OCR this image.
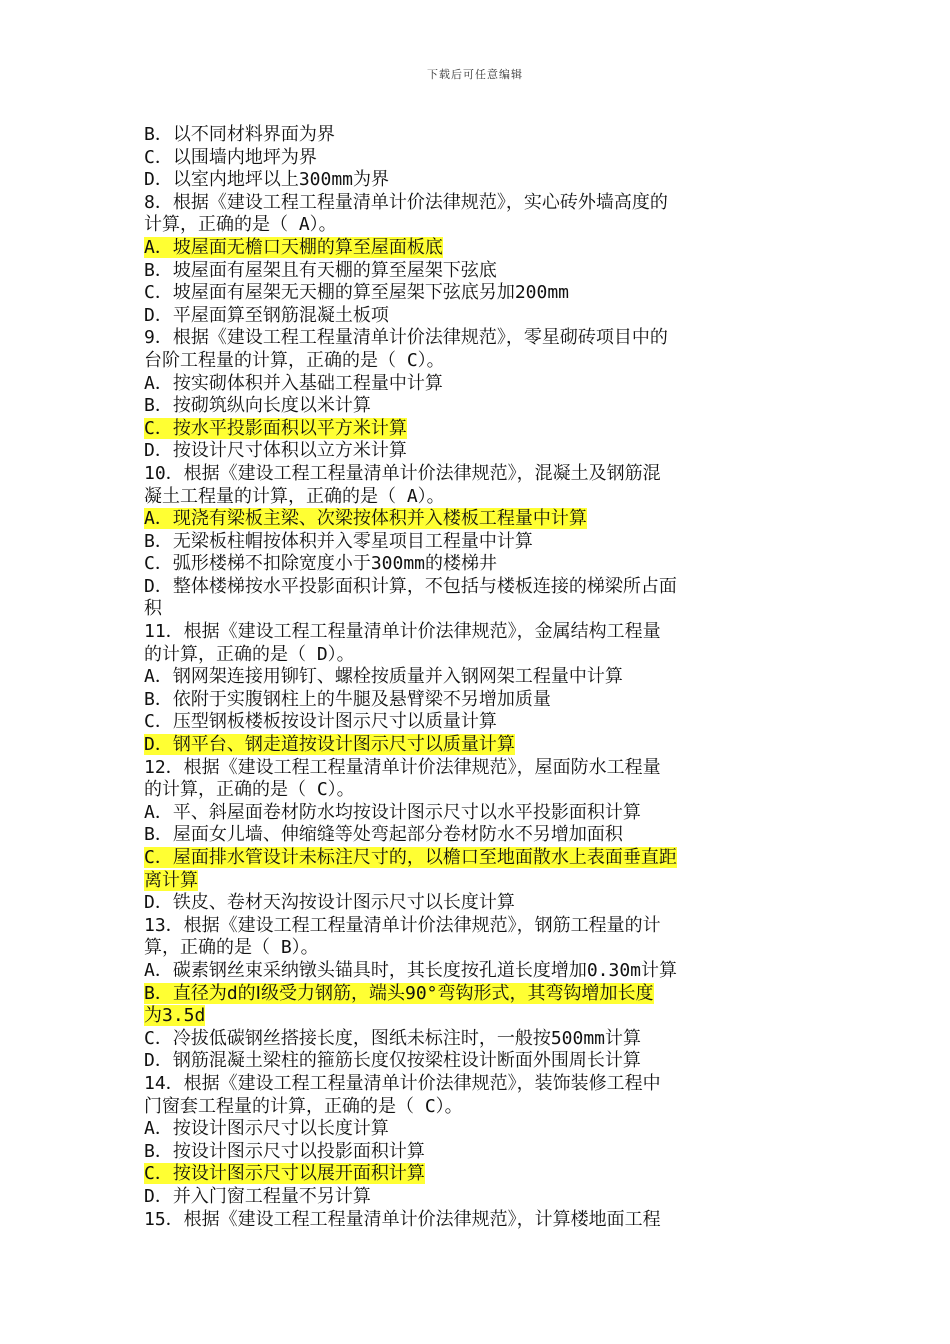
下载后可任意编辑
B．以不同材料界面为界
C．以围墙内地坪为界
D．以室内地坪以上300mm为界
8．根据《建设工程工程量清单计价法律规范》，实心砖外墙高度的
计算，正确的是（ A）。
A．坡屋面无檐口天棚的算至屋面板底
B．坡屋面有屋架且有天棚的算至屋架下弦底
C．坡屋面有屋架无天棚的算至屋架下弦底另加200mm
D．平屋面算至钢筋混凝土板项
9．根据《建设工程工程量清单计价法律规范》，零星砌砖项目中的
台阶工程量的计算，正确的是（ C）。
A．按实砌体积并入基础工程量中计算
B．按砌筑纵向长度以米计算
C．按水平投影面积以平方米计算
D．按设计尺寸体积以立方米计算
10．根据《建设工程工程量清单计价法律规范》，混凝土及钢筋混
凝土工程量的计算，正确的是（ A）。
A．现浇有梁板主梁、次梁按体积并入楼板工程量中计算
B．无梁板柱帽按体积并入零星项目工程量中计算
C．弧形楼梯不扣除宽度小于300mm的楼梯井
D．整体楼梯按水平投影面积计算，不包括与楼板连接的梯梁所占面
积
11．根据《建设工程工程量清单计价法律规范》，金属结构工程量
的计算，正确的是（ D）。
A．钢网架连接用铆钉、螺栓按质量并入钢网架工程量中计算
B．依附于实腹钢柱上的牛腿及悬臂梁不另增加质量
C．压型钢板楼板按设计图示尺寸以质量计算
D．钢平台、钢走道按设计图示尺寸以质量计算
12．根据《建设工程工程量清单计价法律规范》，屋面防水工程量
的计算，正确的是（ C）。
A．平、斜屋面卷材防水均按设计图示尺寸以水平投影面积计算
B．屋面女儿墙、伸缩缝等处弯起部分卷材防水不另增加面积
C．屋面排水管设计未标注尺寸的，以檐口至地面散水上表面垂直距
离计算
D．铁皮、卷材天沟按设计图示尺寸以长度计算
13．根据《建设工程工程量清单计价法律规范》，钢筋工程量的计
算，正确的是（ B）。
A．碳素钢丝束采纳镦头锚具时，其长度按孔道长度增加0.30m计算
B．直径为d的Ⅰ级受力钢筋，端头90°弯钩形式，其弯钩增加长度
为3.5d
C．冷拔低碳钢丝搭接长度，图纸未标注时，一般按500mm计算
D．钢筋混凝土梁柱的箍筋长度仅按梁柱设计断面外围周长计算
14．根据《建设工程工程量清单计价法律规范》，装饰装修工程中
门窗套工程量的计算，正确的是（ C）。
A．按设计图示尺寸以长度计算
B．按设计图示尺寸以投影面积计算
C．按设计图示尺寸以展开面积计算
D．并入门窗工程量不另计算
15．根据《建设工程工程量清单计价法律规范》，计算楼地面工程
